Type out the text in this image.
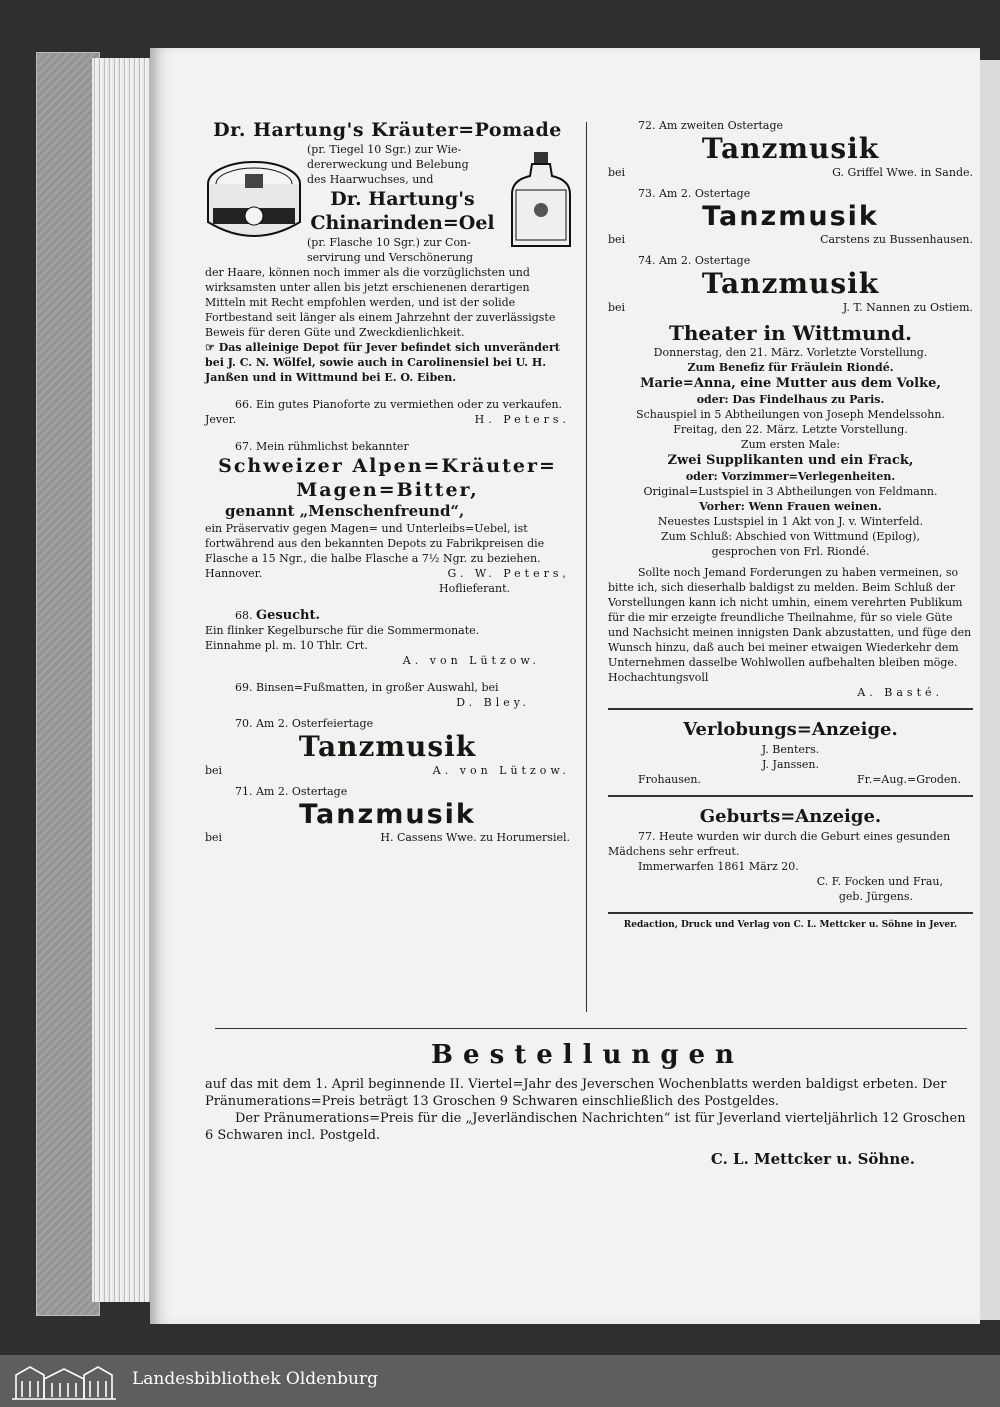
Dr. Hartung's Kräuter=Pomade
(pr. Tiegel 10 Sgr.) zur Wie-
dererweckung und Belebung
des Haarwuchses, und
Dr. Hartung's
Chinarinden=Oel
(pr. Flasche 10 Sgr.) zur Con-
servirung und Verschönerung

der Haare, können noch immer als die vorzüglichsten und wirksamsten unter allen bis jetzt erschienenen derartigen Mitteln mit Recht empfohlen werden, und ist der solide Fortbestand seit länger als einem Jahrzehnt der zuverlässigste Beweis für deren Güte und Zweckdienlichkeit.

☞ Das alleinige Depot für Jever befindet sich unverändert bei J. C. N. Wölfel, sowie auch in Carolinensiel bei U. H. Janßen und in Wittmund bei E. O. Eiben.

66. Ein gutes Pianoforte zu vermiethen oder zu verkaufen.

Jever.	H. Peters.
67. Mein rühmlichst bekannter
Schweizer Alpen=Kräuter=
Magen=Bitter,
genannt „Menschenfreund“,

ein Präservativ gegen Magen= und Unterleibs=Uebel, ist fortwährend aus den bekannten Depots zu Fabrikpreisen die Flasche a 15 Ngr., die halbe Flasche a 7½ Ngr. zu beziehen.

Hannover.	G. W. Peters,
Hoflieferant.
68. Gesucht.
Ein flinker Kegelbursche für die Sommermonate.
Einnahme pl. m. 10 Thlr. Crt.
A. von Lützow.
69. Binsen=Fußmatten, in großer Auswahl, bei
D. Bley.
70. Am 2. Osterfeiertage
Tanzmusik
bei	A. von Lützow.
71. Am 2. Ostertage
Tanzmusik
bei	H. Cassens Wwe. zu Horumersiel.
72. Am zweiten Ostertage
Tanzmusik
bei	G. Griffel Wwe. in Sande.
73. Am 2. Ostertage
Tanzmusik
bei	Carstens zu Bussenhausen.
74. Am 2. Ostertage
Tanzmusik
bei	J. T. Nannen zu Ostiem.
Theater in Wittmund.
Donnerstag, den 21. März. Vorletzte Vorstellung.
Zum Benefiz für Fräulein Riondé.
Marie=Anna, eine Mutter aus dem Volke,
oder: Das Findelhaus zu Paris.
Schauspiel in 5 Abtheilungen von Joseph Mendelssohn.
Freitag, den 22. März. Letzte Vorstellung.
Zum ersten Male:
Zwei Supplikanten und ein Frack,
oder: Vorzimmer=Verlegenheiten.
Original=Lustspiel in 3 Abtheilungen von Feldmann.
Vorher: Wenn Frauen weinen.
Neuestes Lustspiel in 1 Akt von J. v. Winterfeld.
Zum Schluß: Abschied von Wittmund (Epilog),
gesprochen von Frl. Riondé.

Sollte noch Jemand Forderungen zu haben vermeinen, so bitte ich, sich dieserhalb baldigst zu melden. Beim Schluß der Vorstellungen kann ich nicht umhin, einem verehrten Publikum für die mir erzeigte freundliche Theilnahme, für so viele Güte und Nachsicht meinen innigsten Dank abzustatten, und füge den Wunsch hinzu, daß auch bei meiner etwaigen Wiederkehr dem Unternehmen dasselbe Wohlwollen aufbehalten bleiben möge. Hochachtungsvoll

A. Basté.
Verlobungs=Anzeige.
J. Benters.
J. Janssen.
Frohausen.	Fr.=Aug.=Groden.
Geburts=Anzeige.

77. Heute wurden wir durch die Geburt eines gesunden Mädchens sehr erfreut.

Immerwarfen 1861 März 20.
C. F. Focken und Frau,
geb. Jürgens.
Redaction, Druck und Verlag von C. L. Mettcker u. Söhne in Jever.
Bestellungen

auf das mit dem 1. April beginnende II. Viertel=Jahr des Jeverschen Wochenblatts werden baldigst erbeten. Der Pränumerations=Preis beträgt 13 Groschen 9 Schwaren einschließlich des Postgeldes.

Der Pränumerations=Preis für die „Jeverländischen Nachrichten“ ist für Jeverland vierteljährlich 12 Groschen 6 Schwaren incl. Postgeld.

C. L. Mettcker u. Söhne.
Landesbibliothek Oldenburg
